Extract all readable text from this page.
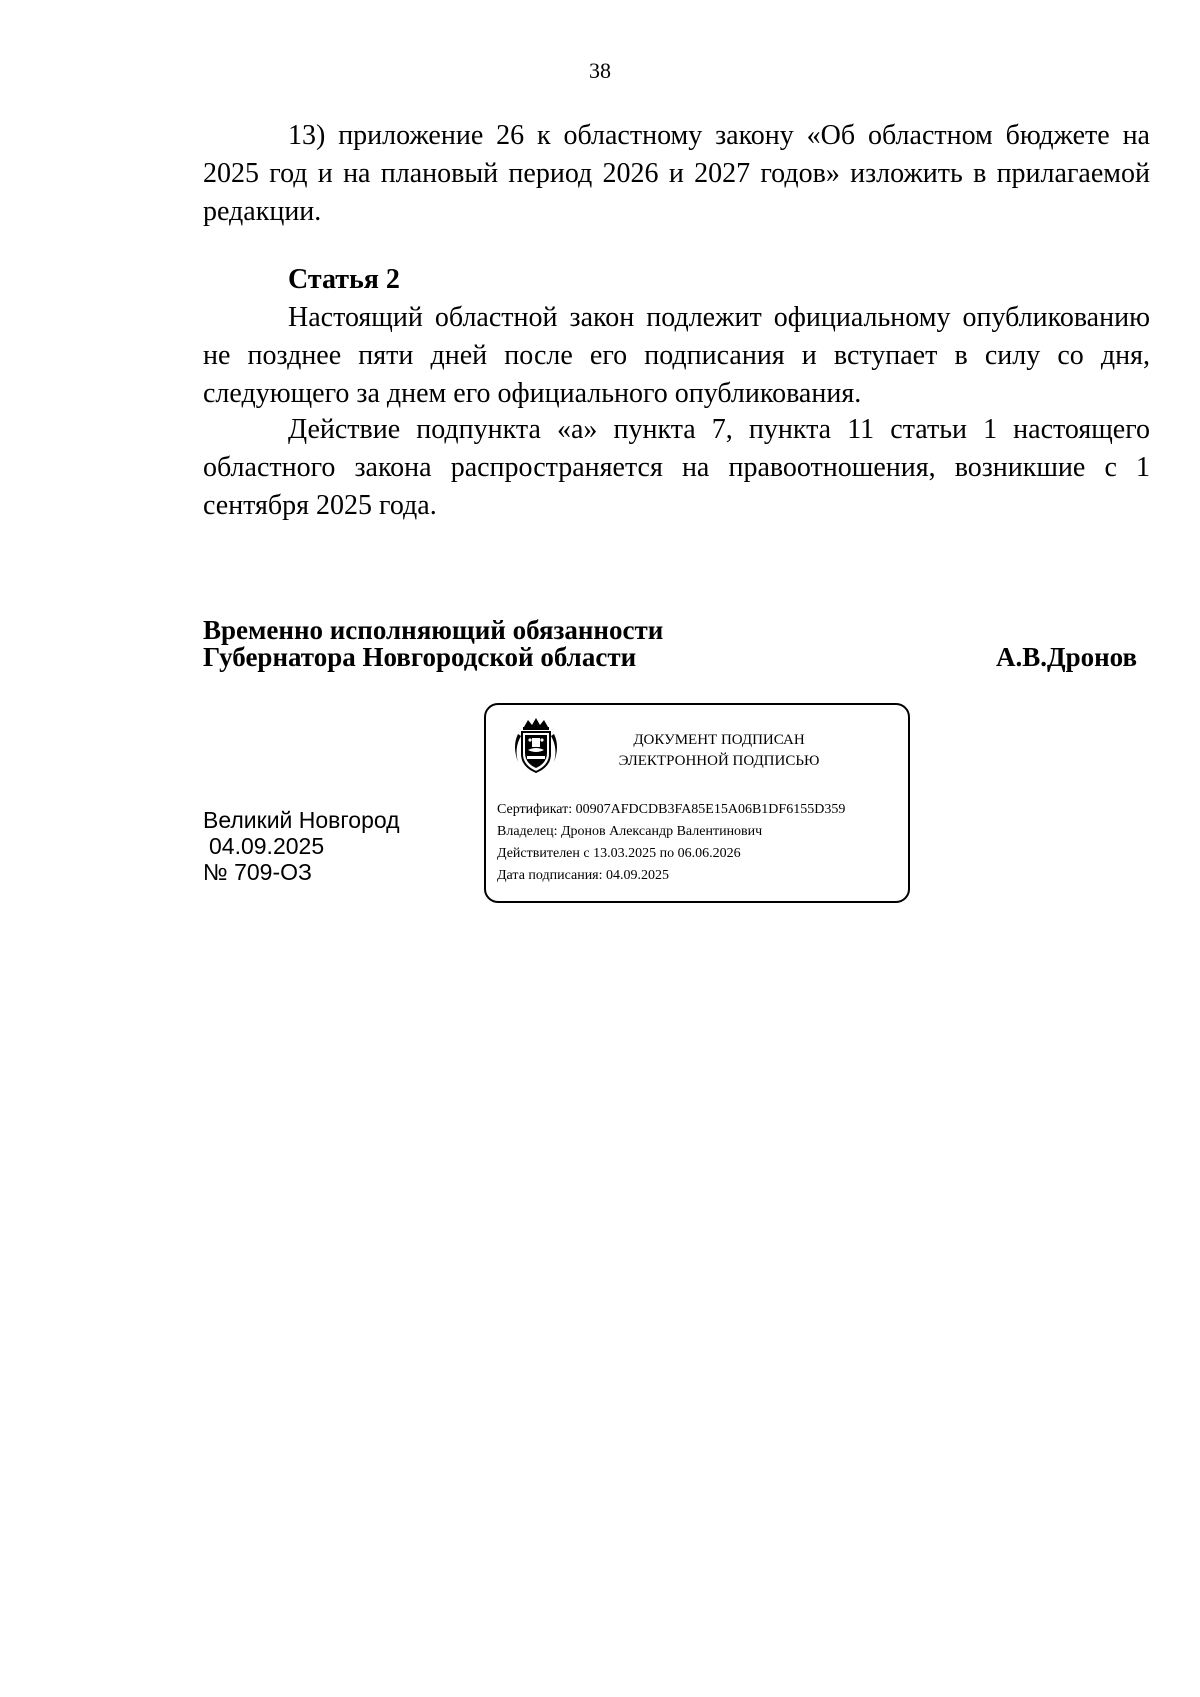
38

13) приложение 26 к областному закону «Об областном бюджете на 2025 год и на плановый период 2026 и 2027 годов» изложить в прилагаемой редакции.

Статья 2

Настоящий областной закон подлежит официальному опубликованию не позднее пяти дней после его подписания и вступает в силу со дня, следующего за днем его официального опубликования.

Действие подпункта «а» пункта 7, пункта 11 статьи 1 настоящего областного закона распространяется на правоотношения, возникшие с 1 сентября 2025 года.

Временно исполняющий обязанности
Губернатора Новгородской области	А.В.Дронов
Великий Новгород
04.09.2025
№ 709-ОЗ
ДОКУМЕНТ ПОДПИСАН
ЭЛЕКТРОННОЙ ПОДПИСЬЮ
Сертификат: 00907AFDCDB3FA85E15A06B1DF6155D359
Владелец: Дронов Александр Валентинович
Действителен с 13.03.2025 по 06.06.2026
Дата подписания: 04.09.2025
